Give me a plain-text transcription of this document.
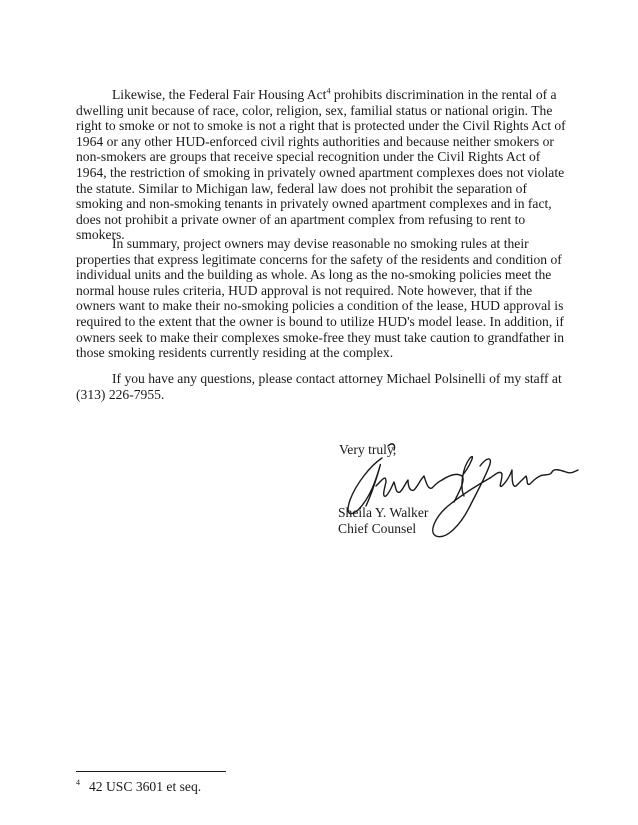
Likewise, the Federal Fair Housing Act$^4$ prohibits discrimination in the rental of a dwelling unit because of race, color, religion, sex, familial status or national origin. The right to smoke or not to smoke is not a right that is protected under the Civil Rights Act of 1964 or any other HUD-enforced civil rights authorities and because neither smokers or non-smokers are groups that receive special recognition under the Civil Rights Act of 1964, the restriction of smoking in privately owned apartment complexes does not violate the statute. Similar to Michigan law, federal law does not prohibit the separation of smoking and non-smoking tenants in privately owned apartment complexes and in fact, does not prohibit a private owner of an apartment complex from refusing to rent to smokers.

In summary, project owners may devise reasonable no smoking rules at their properties that express legitimate concerns for the safety of the residents and condition of individual units and the building as whole. As long as the no-smoking policies meet the normal house rules criteria, HUD approval is not required. Note however, that if the owners want to make their no-smoking policies a condition of the lease, HUD approval is required to the extent that the owner is bound to utilize HUD's model lease. In addition, if owners seek to make their complexes smoke-free they must take caution to grandfather in those smoking residents currently residing at the complex.

If you have any questions, please contact attorney Michael Polsinelli of my staff at (313) 226-7955.

Very truly,
Sheila Y. Walker
Chief Counsel
$^4$ 42 USC 3601 et seq.
